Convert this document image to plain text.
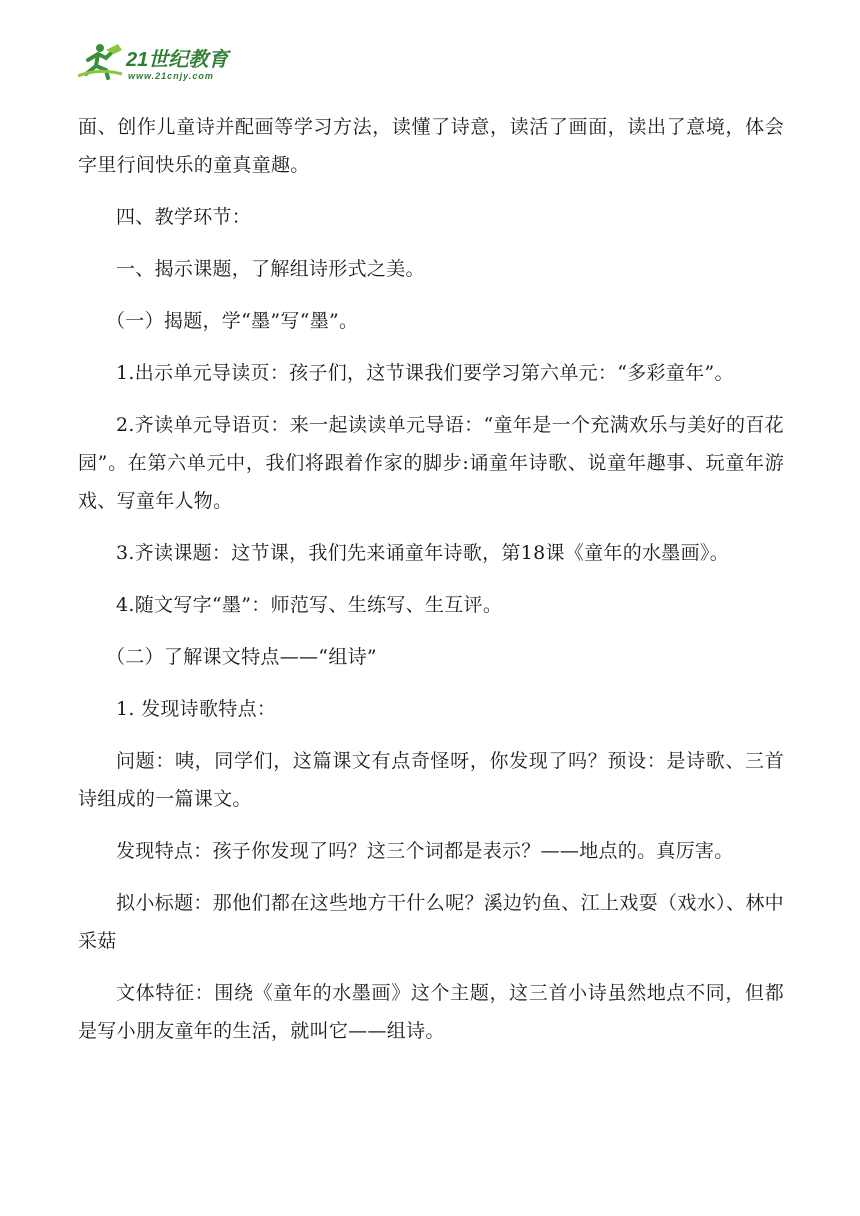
21世纪教育
www.21cnjy.com

面、创作儿童诗并配画等学习方法，读懂了诗意，读活了画面，读出了意境，体会字里行间快乐的童真童趣。

四、教学环节：

一、揭示课题，了解组诗形式之美。

（一）揭题，学“墨”写“墨”。

1.出示单元导读页：孩子们，这节课我们要学习第六单元：“多彩童年”。

2.齐读单元导语页：来一起读读单元导语：“童年是一个充满欢乐与美好的百花园”。在第六单元中，我们将跟着作家的脚步:诵童年诗歌、说童年趣事、玩童年游戏、写童年人物。

3.齐读课题：这节课，我们先来诵童年诗歌，第18课《童年的水墨画》。

4.随文写字“墨”：师范写、生练写、生互评。

（二）了解课文特点——“组诗”

1. 发现诗歌特点：

问题：咦，同学们，这篇课文有点奇怪呀，你发现了吗？预设：是诗歌、三首诗组成的一篇课文。

发现特点：孩子你发现了吗？这三个词都是表示？——地点的。真厉害。

拟小标题：那他们都在这些地方干什么呢？溪边钓鱼、江上戏耍（戏水）、林中采菇

文体特征：围绕《童年的水墨画》这个主题，这三首小诗虽然地点不同，但都是写小朋友童年的生活，就叫它——组诗。
